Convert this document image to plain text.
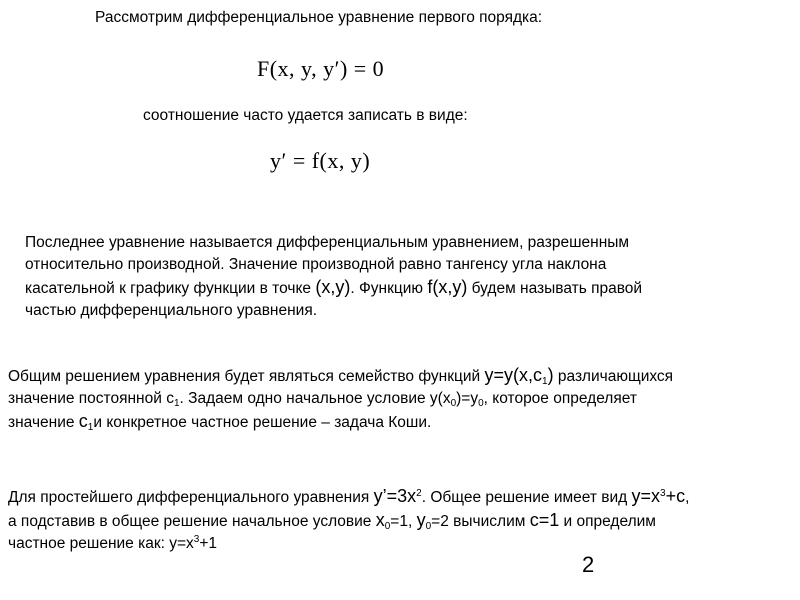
Рассмотрим дифференциальное уравнение первого порядка:
F(x, y, y′) = 0
соотношение часто удается записать в виде:
y′ = f(x, y)
Последнее уравнение называется дифференциальным уравнением, разрешенным
относительно производной. Значение производной равно тангенсу угла наклона
касательной к графику функции в точке (x,y). Функцию f(x,y) будем называть правой
частью дифференциального уравнения.
Общим решением уравнения будет являться семейство функций $y=y(x,c_1)$ различающихся
значение постоянной $c_1$. Задаем одно начальное условие $y(x_0)=y_0$, которое определяет
значение $c_1и$ конкретное частное решение – задача Коши.
Для простейшего дифференциального уравнения $y’=3x^2$. Общее решение имеет вид $y=x^3+c$,
а подставив в общее решение начальное условие $x_0=1$, $y_0=2$ вычислим c=1 и определим
частное решение как: $y=x^3+1$
2
